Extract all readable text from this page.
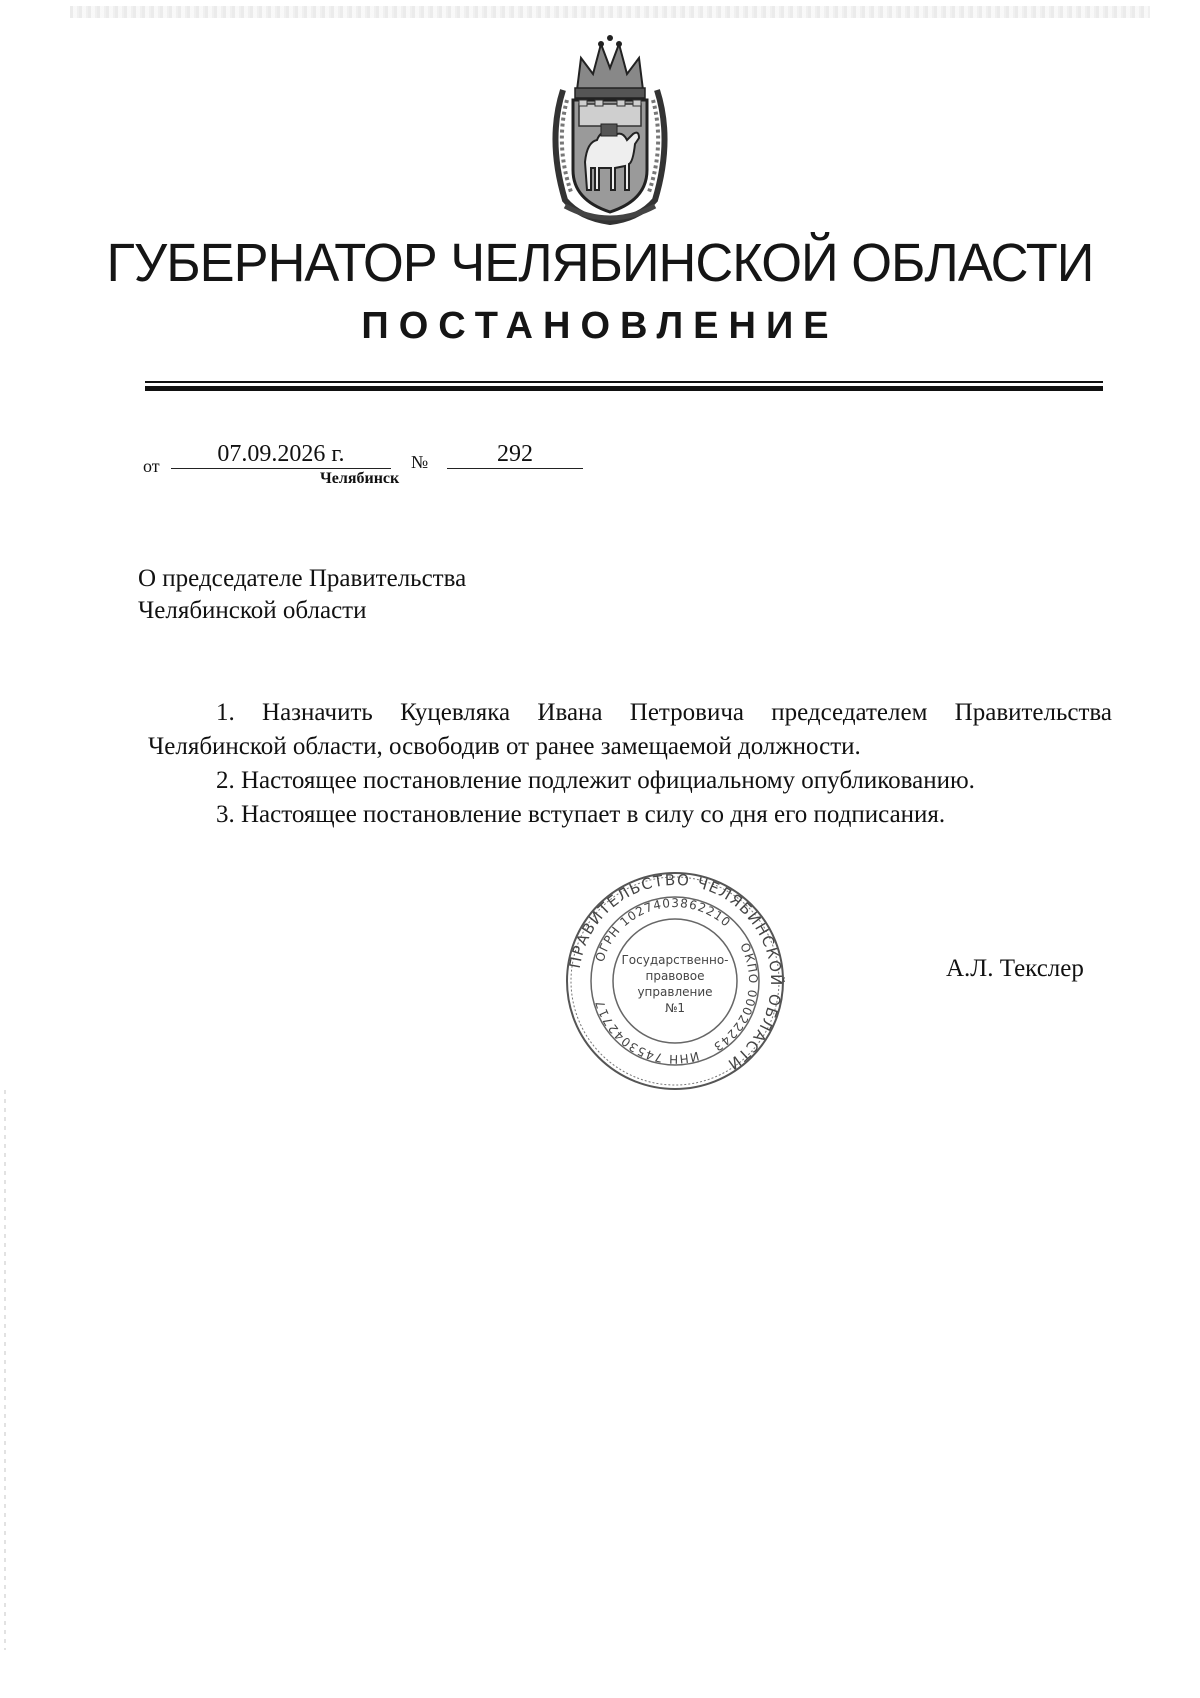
ГУБЕРНАТОР ЧЕЛЯБИНСКОЙ ОБЛАСТИ
ПОСТАНОВЛЕНИЕ
от	07.09.2026 г.	№	292
Челябинск
О председателе Правительства
Челябинской области

1. Назначить Куцевляка Ивана Петровича председателем Правительства Челябинской области, освободив от ранее замещаемой должности.

2. Настоящее постановление подлежит официальному опубликованию.

3. Настоящее постановление вступает в силу со дня его подписания.

ПРАВИТЕЛЬСТВО ЧЕЛЯБИНСКОЙ ОБЛАСТИ
ОГРН 1027403862210
ОКПО 00022243
ИНН 7453042717
Государственно-
правовое
управление
№1
А.Л. Текслер
